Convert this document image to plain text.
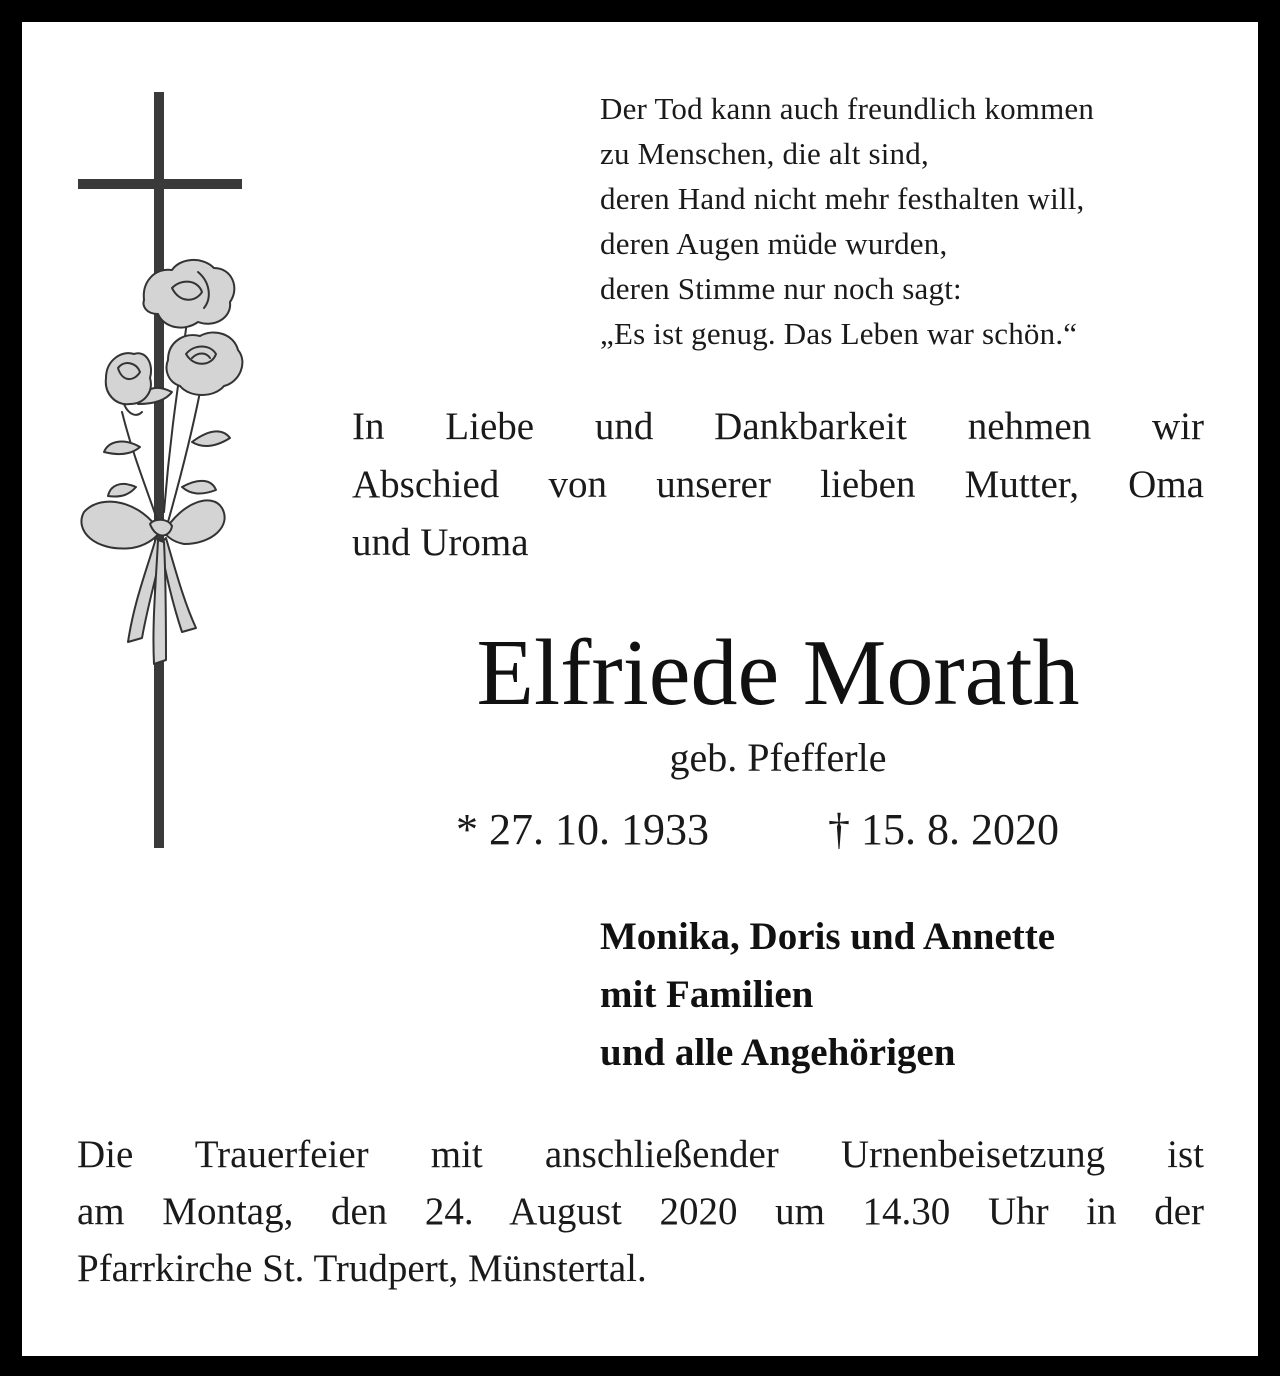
Der Tod kann auch freundlich kommen
zu Menschen, die alt sind,
deren Hand nicht mehr festhalten will,
deren Augen müde wurden,
deren Stimme nur noch sagt:
„Es ist genug. Das Leben war schön.“
In Liebe und Dankbarkeit nehmen wir
Abschied von unserer lieben Mutter, Oma
und Uroma
Elfriede Morath
geb. Pfefferle
* 27. 10. 1933	† 15. 8. 2020
Monika, Doris und Annette
mit Familien
und alle Angehörigen
Die Trauerfeier mit anschließender Urnenbeisetzung ist
am Montag, den 24. August 2020 um 14.30 Uhr in der
Pfarrkirche St. Trudpert, Münstertal.
